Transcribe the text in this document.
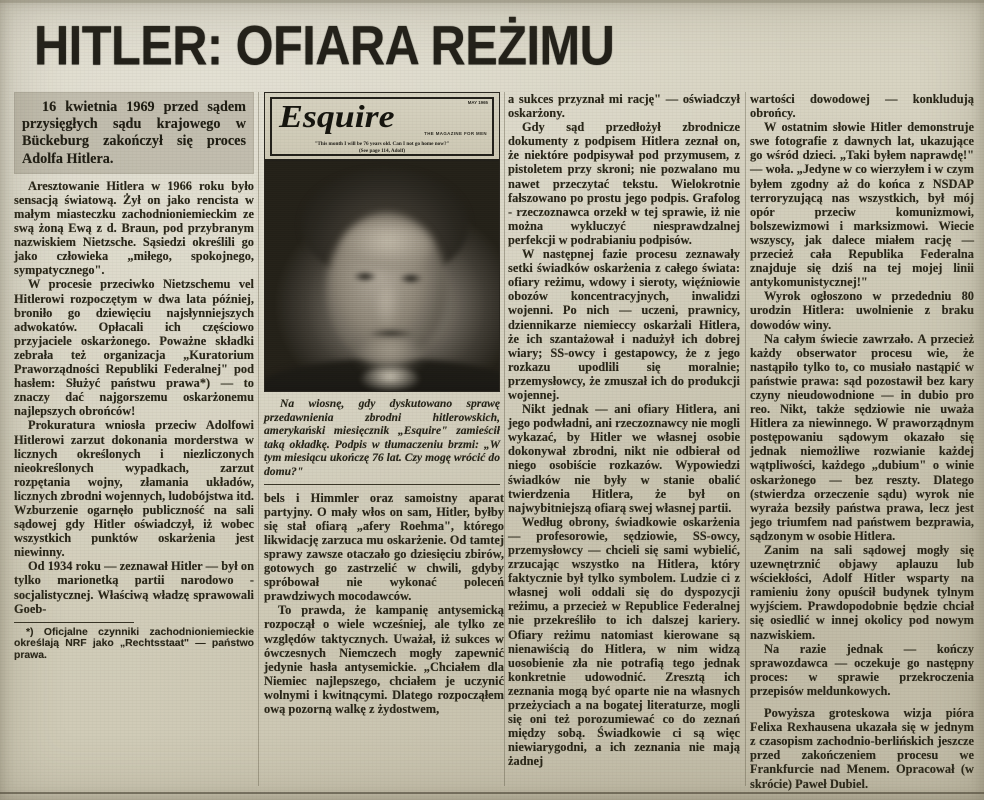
HITLER: OFIARA REŻIMU

16 kwietnia 1969 przed sądem przysięgłych sądu krajowego w Bückeburg zakończył się proces Adolfa Hitlera.

Aresztowanie Hitlera w 1966 roku było sensacją światową. Żył on jako rencista w małym miasteczku zachodnioniemieckim ze swą żoną Ewą z d. Braun, pod przybranym nazwiskiem Nietzsche. Sąsiedzi określili go jako człowieka „miłego, spokojnego, sympatycznego".

W procesie przeciwko Nietzschemu vel Hitlerowi rozpoczętym w dwa lata później, broniło go dziewięciu najsłynniejszych adwokatów. Opłacali ich częściowo przyjaciele oskarżonego. Poważne składki zebrała też organizacja „Kuratorium Praworządności Republiki Federalnej" pod hasłem: Służyć państwu prawa*) — to znaczy dać najgorszemu oskarżonemu najlepszych obrońców!

Prokuratura wniosła przeciw Adolfowi Hitlerowi zarzut dokonania morderstwa w licznych określonych i niezliczonych nieokreślonych wypadkach, zarzut rozpętania wojny, złamania układów, licznych zbrodni wojennych, ludobójstwa itd. Wzburzenie ogarnęło publiczność na sali sądowej gdy Hitler oświadczył, iż wobec wszystkich punktów oskarżenia jest niewinny.

Od 1934 roku — zeznawał Hitler — był on tylko marionetką partii narodowo - socjalistycznej. Właściwą władzę sprawowali Goeb-

*) Oficjalne czynniki zachodnioniemieckie określają NRF jako „Rechtsstaat" — państwo prawa.

Esquire	MAY 1965
THE MAGAZINE FOR MEN
"This month I will be 76 years old. Can I not go home now?"
(See page 114, Adolf)

Na wiosnę, gdy dyskutowano sprawę przedawnienia zbrodni hitlerowskich, amerykański miesięcznik „Esquire" zamieścił taką okładkę. Podpis w tłumaczeniu brzmi: „W tym miesiącu ukończę 76 lat. Czy mogę wrócić do domu?"

bels i Himmler oraz samoistny aparat partyjny. O mały włos on sam, Hitler, byłby się stał ofiarą „afery Roehma", którego likwidację zarzuca mu oskarżenie. Od tamtej sprawy zawsze otaczało go dziesięciu zbirów, gotowych go zastrzelić w chwili, gdyby spróbował nie wykonać poleceń prawdziwych mocodawców.

To prawda, że kampanię antysemicką rozpoczął o wiele wcześniej, ale tylko ze względów taktycznych. Uważał, iż sukces w ówczesnych Niemczech mogły zapewnić jedynie hasła antysemickie. „Chciałem dla Niemiec najlepszego, chciałem je uczynić wolnymi i kwitnącymi. Dlatego rozpocząłem ową pozorną walkę z żydostwem,

a sukces przyznał mi rację" — oświadczył oskarżony.

Gdy sąd przedłożył zbrodnicze dokumenty z podpisem Hitlera zeznał on, że niektóre podpisywał pod przymusem, z pistoletem przy skroni; nie pozwalano mu nawet przeczytać tekstu. Wielokrotnie fałszowano po prostu jego podpis. Grafolog - rzeczoznawca orzekł w tej sprawie, iż nie można wykluczyć niesprawdzalnej perfekcji w podrabianiu podpisów.

W następnej fazie procesu zeznawały setki świadków oskarżenia z całego świata: ofiary reżimu, wdowy i sieroty, więźniowie obozów koncentracyjnych, inwalidzi wojenni. Po nich — uczeni, prawnicy, dziennikarze niemieccy oskarżali Hitlera, że ich szantażował i nadużył ich dobrej wiary; SS-owcy i gestapowcy, że z jego rozkazu upodlili się moralnie; przemysłowcy, że zmuszał ich do produkcji wojennej.

Nikt jednak — ani ofiary Hitlera, ani jego podwładni, ani rzeczoznawcy nie mogli wykazać, by Hitler we własnej osobie dokonywał zbrodni, nikt nie odbierał od niego osobiście rozkazów. Wypowiedzi świadków nie były w stanie obalić twierdzenia Hitlera, że był on najwybitniejszą ofiarą swej własnej partii.

Według obrony, świadkowie oskarżenia — profesorowie, sędziowie, SS-owcy, przemysłowcy — chcieli się sami wybielić, zrzucając wszystko na Hitlera, który faktycznie był tylko symbolem. Ludzie ci z własnej woli oddali się do dyspozycji reżimu, a przecież w Republice Federalnej nie przekreśliło to ich dalszej kariery. Ofiary reżimu natomiast kierowane są nienawiścią do Hitlera, w nim widzą uosobienie zła nie potrafią tego jednak konkretnie udowodnić. Zresztą ich zeznania mogą być oparte nie na własnych przeżyciach a na bogatej literaturze, mogli się oni też porozumiewać co do zeznań między sobą. Świadkowie ci są więc niewiarygodni, a ich zeznania nie mają żadnej

wartości dowodowej — konkludują obrońcy.

W ostatnim słowie Hitler demonstruje swe fotografie z dawnych lat, ukazujące go wśród dzieci. „Taki byłem naprawdę!" — woła. „Jedyne w co wierzyłem i w czym byłem zgodny aż do końca z NSDAP terroryzującą nas wszystkich, był mój opór przeciw komunizmowi, bolszewizmowi i marksizmowi. Wiecie wszyscy, jak dalece miałem rację — przecież cała Republika Federalna znajduje się dziś na tej mojej linii antykomunistycznej!"

Wyrok ogłoszono w przededniu 80 urodzin Hitlera: uwolnienie z braku dowodów winy.

Na całym świecie zawrzało. A przecież każdy obserwator procesu wie, że nastąpiło tylko to, co musiało nastąpić w państwie prawa: sąd pozostawił bez kary czyny nieudowodnione — in dubio pro reo. Nikt, także sędziowie nie uważa Hitlera za niewinnego. W praworządnym postępowaniu sądowym okazało się jednak niemożliwe rozwianie każdej wątpliwości, każdego „dubium" o winie oskarżonego — bez reszty. Dlatego (stwierdza orzeczenie sądu) wyrok nie wyraża bezsiły państwa prawa, lecz jest jego triumfem nad państwem bezprawia, sądzonym w osobie Hitlera.

Zanim na sali sądowej mogły się uzewnętrznić objawy aplauzu lub wściekłości, Adolf Hitler wsparty na ramieniu żony opuścił budynek tylnym wyjściem. Prawdopodobnie będzie chciał się osiedlić w innej okolicy pod nowym nazwiskiem.

Na razie jednak — kończy sprawozdawca — oczekuje go następny proces: w sprawie przekroczenia przepisów meldunkowych.

Powyższa groteskowa wizja pióra Felixa Rexhausena ukazała się w jednym z czasopism zachodnio-berlińskich jeszcze przed zakończeniem procesu we Frankfurcie nad Menem. Opracował (w skrócie) Paweł Dubiel.
